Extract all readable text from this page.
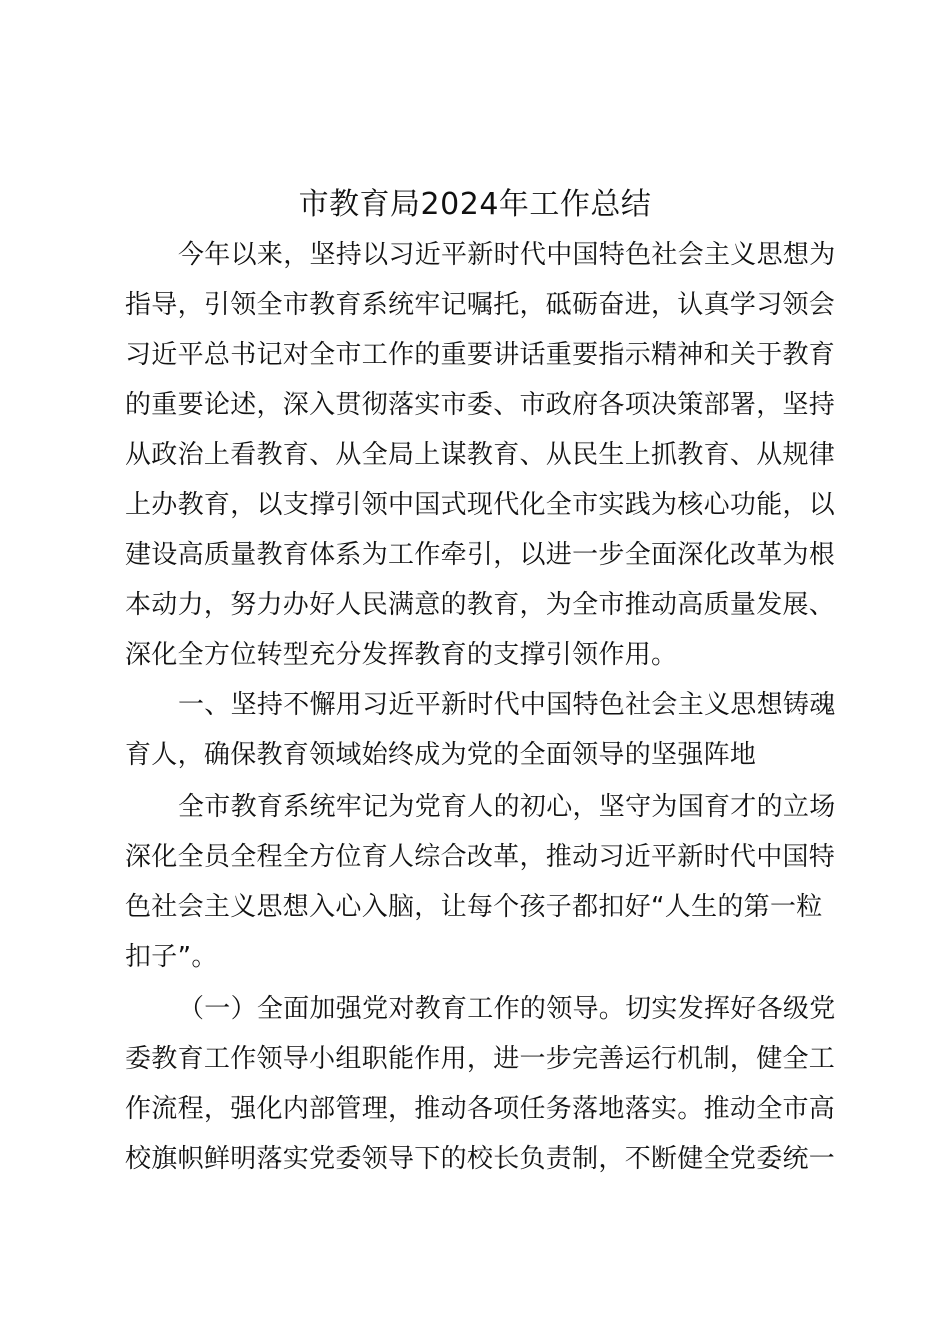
市教育局2024年工作总结
今年以来，坚持以习近平新时代中国特色社会主义思想为
指导，引领全市教育系统牢记嘱托，砥砺奋进，认真学习领会
习近平总书记对全市工作的重要讲话重要指示精神和关于教育
的重要论述，深入贯彻落实市委、市政府各项决策部署，坚持
从政治上看教育、从全局上谋教育、从民生上抓教育、从规律
上办教育，以支撑引领中国式现代化全市实践为核心功能，以
建设高质量教育体系为工作牵引，以进一步全面深化改革为根
本动力，努力办好人民满意的教育，为全市推动高质量发展、
深化全方位转型充分发挥教育的支撑引领作用。
一、坚持不懈用习近平新时代中国特色社会主义思想铸魂
育人，确保教育领域始终成为党的全面领导的坚强阵地
全市教育系统牢记为党育人的初心，坚守为国育才的立场
深化全员全程全方位育人综合改革，推动习近平新时代中国特
色社会主义思想入心入脑，让每个孩子都扣好“人生的第一粒
扣子”。
（一）全面加强党对教育工作的领导。切实发挥好各级党
委教育工作领导小组职能作用，进一步完善运行机制，健全工
作流程，强化内部管理，推动各项任务落地落实。推动全市高
校旗帜鲜明落实党委领导下的校长负责制，不断健全党委统一
